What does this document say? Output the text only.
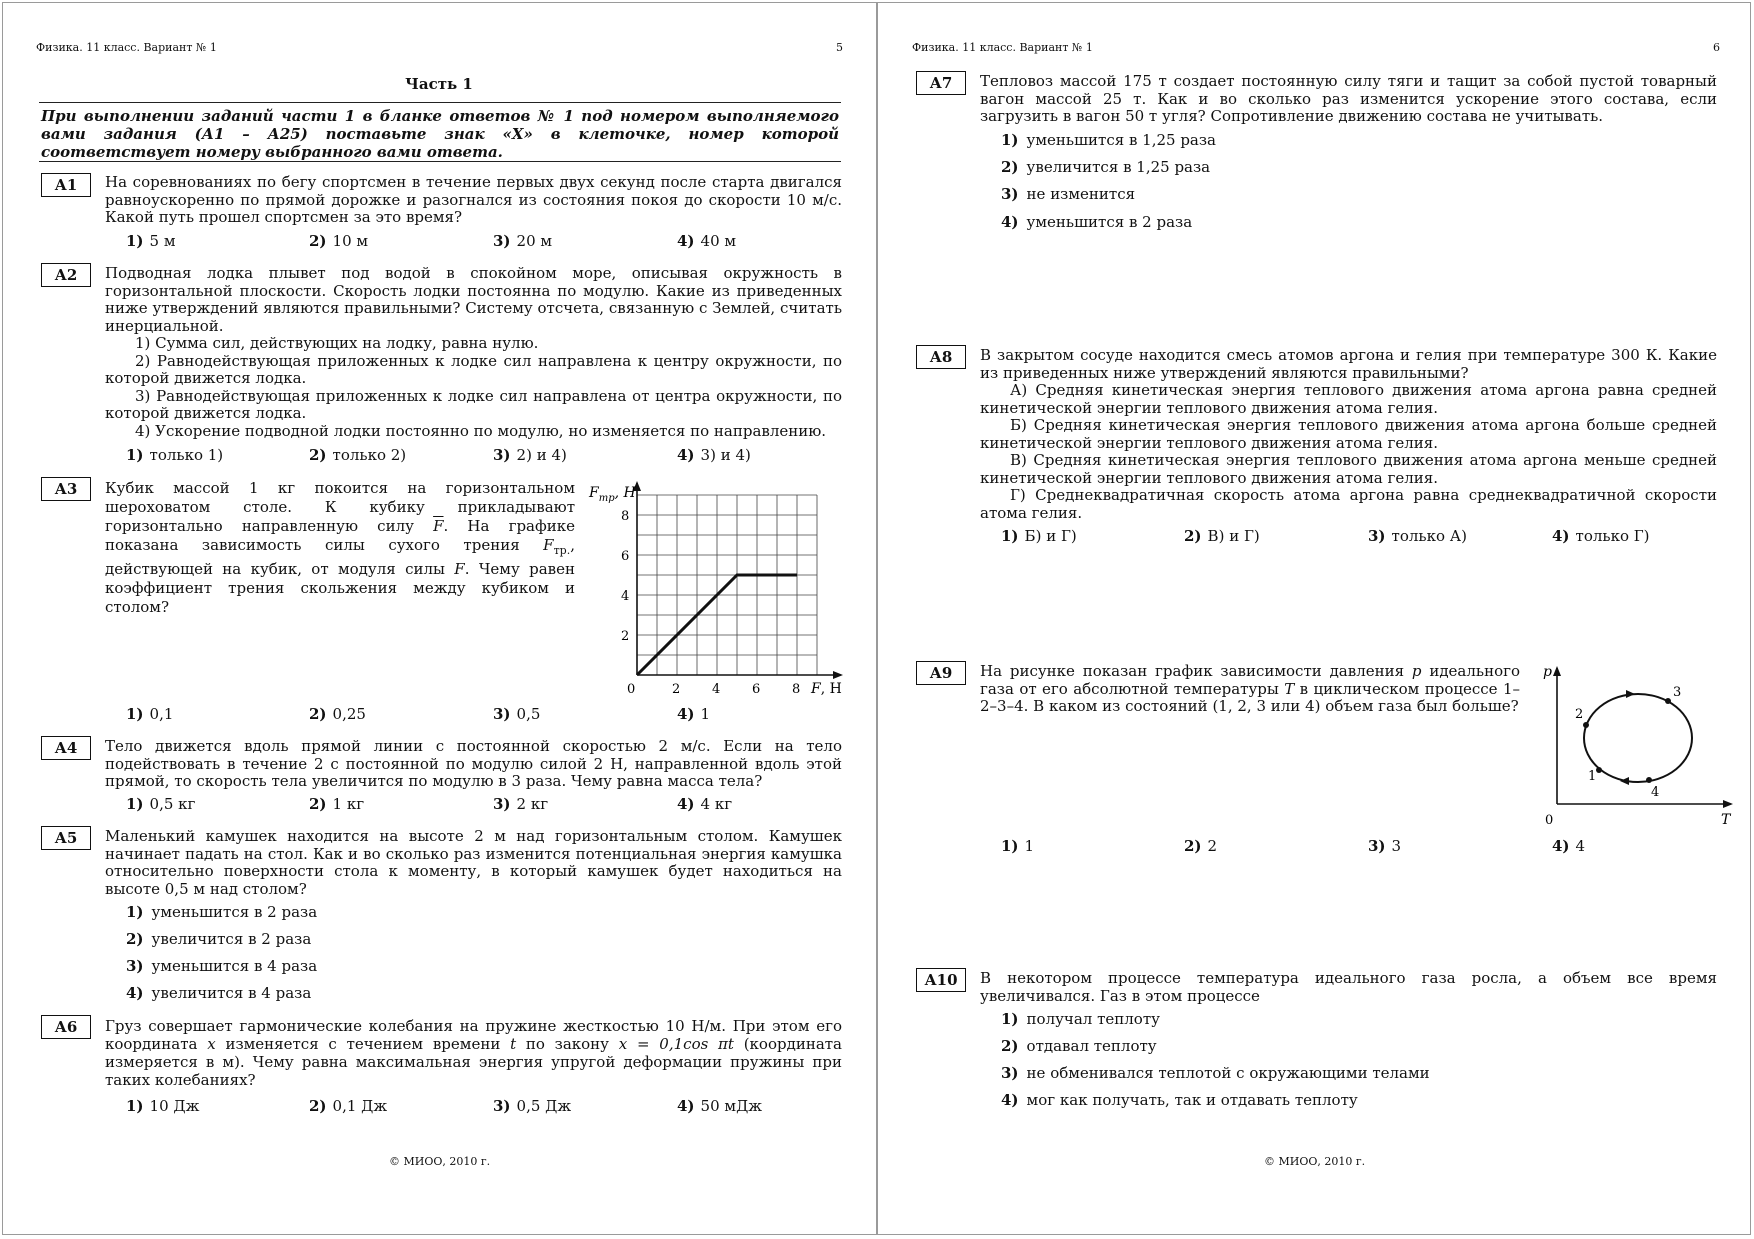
Физика. 11 класс. Вариант № 1	5
Часть 1
При выполнении заданий части 1 в бланке ответов № 1 под номером выполняемого вами задания (А1 – А25) поставьте знак «X» в клеточке, номер которой соответствует номеру выбранного вами ответа.
А1	На соревнованиях по бегу спортсмен в течение первых двух секунд после старта двигался равноускоренно по прямой дорожке и разогнался из состояния покоя до скорости 10 м/с. Какой путь прошел спортсмен за это время?
1) 5 м	2) 10 м	3) 20 м	4) 40 м
А2	Подводная лодка плывет под водой в спокойном море, описывая окружность в горизонтальной плоскости. Скорость лодки постоянна по модулю. Какие из приведенных ниже утверждений являются правильными? Систему отсчета, связанную с Землей, считать инерциальной.

1) Сумма сил, действующих на лодку, равна нулю.

2) Равнодействующая приложенных к лодке сил направлена к центру окружности, по которой движется лодка.

3) Равнодействующая приложенных к лодке сил направлена от центра окружности, по которой движется лодка.

4) Ускорение подводной лодки постоянно по модулю, но изменяется по направлению.

1) только 1)	2) только 2)	3) 2) и 4)	4) 3) и 4)
А3	Кубик массой 1 кг покоится на горизонтальном шероховатом столе. К кубику прикладывают горизонтально направленную силу $\overline{F}$. На графике показана зависимость силы сухого трения $F_{тр.}$, действующей на кубик, от модуля силы F. Чему равен коэффициент трения скольжения между кубиком и столом?
0	2 4 6 8
2
4
6
8
$F_{тр}$, Н
F, Н
1) 0,1	2) 0,25	3) 0,5	4) 1
А4	Тело движется вдоль прямой линии с постоянной скоростью 2 м/с. Если на тело подействовать в течение 2 с постоянной по модулю силой 2 Н, направленной вдоль этой прямой, то скорость тела увеличится по модулю в 3 раза. Чему равна масса тела?
1) 0,5 кг	2) 1 кг	3) 2 кг	4) 4 кг
А5	Маленький камушек находится на высоте 2 м над горизонтальным столом. Камушек начинает падать на стол. Как и во сколько раз изменится потенциальная энергия камушка относительно поверхности стола к моменту, в который камушек будет находиться на высоте 0,5 м над столом?
1) уменьшится в 2 раза
2) увеличится в 2 раза
3) уменьшится в 4 раза
4) увеличится в 4 раза
А6	Груз совершает гармонические колебания на пружине жесткостью 10 Н/м. При этом его координата x изменяется с течением времени t по закону x = 0,1cos πt (координата измеряется в м). Чему равна максимальная энергия упругой деформации пружины при таких колебаниях?
1) 10 Дж	2) 0,1 Дж	3) 0,5 Дж	4) 50 мДж
© МИОО, 2010 г.
Физика. 11 класс. Вариант № 1	6
А7	Тепловоз массой 175 т создает постоянную силу тяги и тащит за собой пустой товарный вагон массой 25 т. Как и во сколько раз изменится ускорение этого состава, если загрузить в вагон 50 т угля? Сопротивление движению состава не учитывать.
1) уменьшится в 1,25 раза
2) увеличится в 1,25 раза
3) не изменится
4) уменьшится в 2 раза
А8	В закрытом сосуде находится смесь атомов аргона и гелия при температуре 300 К. Какие из приведенных ниже утверждений являются правильными?

А) Средняя кинетическая энергия теплового движения атома аргона равна средней кинетической энергии теплового движения атома гелия.

Б) Средняя кинетическая энергия теплового движения атома аргона больше средней кинетической энергии теплового движения атома гелия.

В) Средняя кинетическая энергия теплового движения атома аргона меньше средней кинетической энергии теплового движения атома гелия.

Г) Среднеквадратичная скорость атома аргона равна среднеквадратичной скорости атома гелия.

1) Б) и Г)	2) В) и Г)	3) только А)	4) только Г)
А9	На рисунке показан график зависимости давления p идеального газа от его абсолютной температуры T в циклическом процессе 1–2–3–4. В каком из состояний (1, 2, 3 или 4) объем газа был больше?
p
T
0
2
3
1
4
1) 1	2) 2	3) 3	4) 4
А10	В некотором процессе температура идеального газа росла, а объем все время увеличивался. Газ в этом процессе
1) получал теплоту
2) отдавал теплоту
3) не обменивался теплотой с окружающими телами
4) мог как получать, так и отдавать теплоту
© МИОО, 2010 г.
